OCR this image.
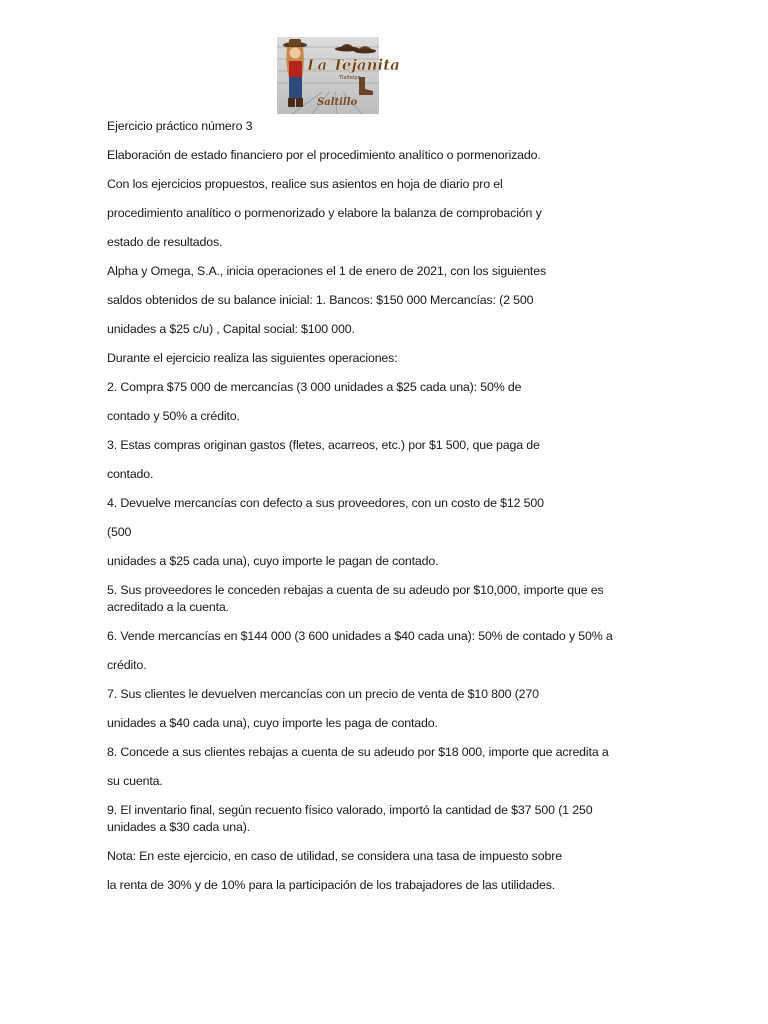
La Tejanita
Tlaltelpa
Saltillo

Ejercicio práctico número 3

Elaboración de estado financiero por el procedimiento analítico o pormenorizado.

Con los ejercicios propuestos, realice sus asientos en hoja de diario pro el

procedimiento analítico o pormenorizado y elabore la balanza de comprobación y

estado de resultados.

Alpha y Omega, S.A., inicia operaciones el 1 de enero de 2021, con los siguientes

saldos obtenidos de su balance inicial: 1. Bancos: $150 000 Mercancías: (2 500

unidades a $25 c/u) , Capital social: $100 000.

Durante el ejercicio realiza las siguientes operaciones:

2. Compra $75 000 de mercancías (3 000 unidades a $25 cada una): 50% de

contado y 50% a crédito.

3. Estas compras originan gastos (fletes, acarreos, etc.) por $1 500, que paga de

contado.

4. Devuelve mercancías con defecto a sus proveedores, con un costo de $12 500

(500

unidades a $25 cada una), cuyo importe le pagan de contado.

5. Sus proveedores le conceden rebajas a cuenta de su adeudo por $10,000, importe que es acreditado a la cuenta.

6. Vende mercancías en $144 000 (3 600 unidades a $40 cada una): 50% de contado y 50% a

crédito.

7. Sus clientes le devuelven mercancías con un precio de venta de $10 800 (270

unidades a $40 cada una), cuyo importe les paga de contado.

8. Concede a sus clientes rebajas a cuenta de su adeudo por $18 000, importe que acredita a

su cuenta.

9. El inventario final, según recuento físico valorado, importó la cantidad de $37 500 (1 250 unidades a $30 cada una).

Nota: En este ejercicio, en caso de utilidad, se considera una tasa de impuesto sobre

la renta de 30% y de 10% para la participación de los trabajadores de las utilidades.
